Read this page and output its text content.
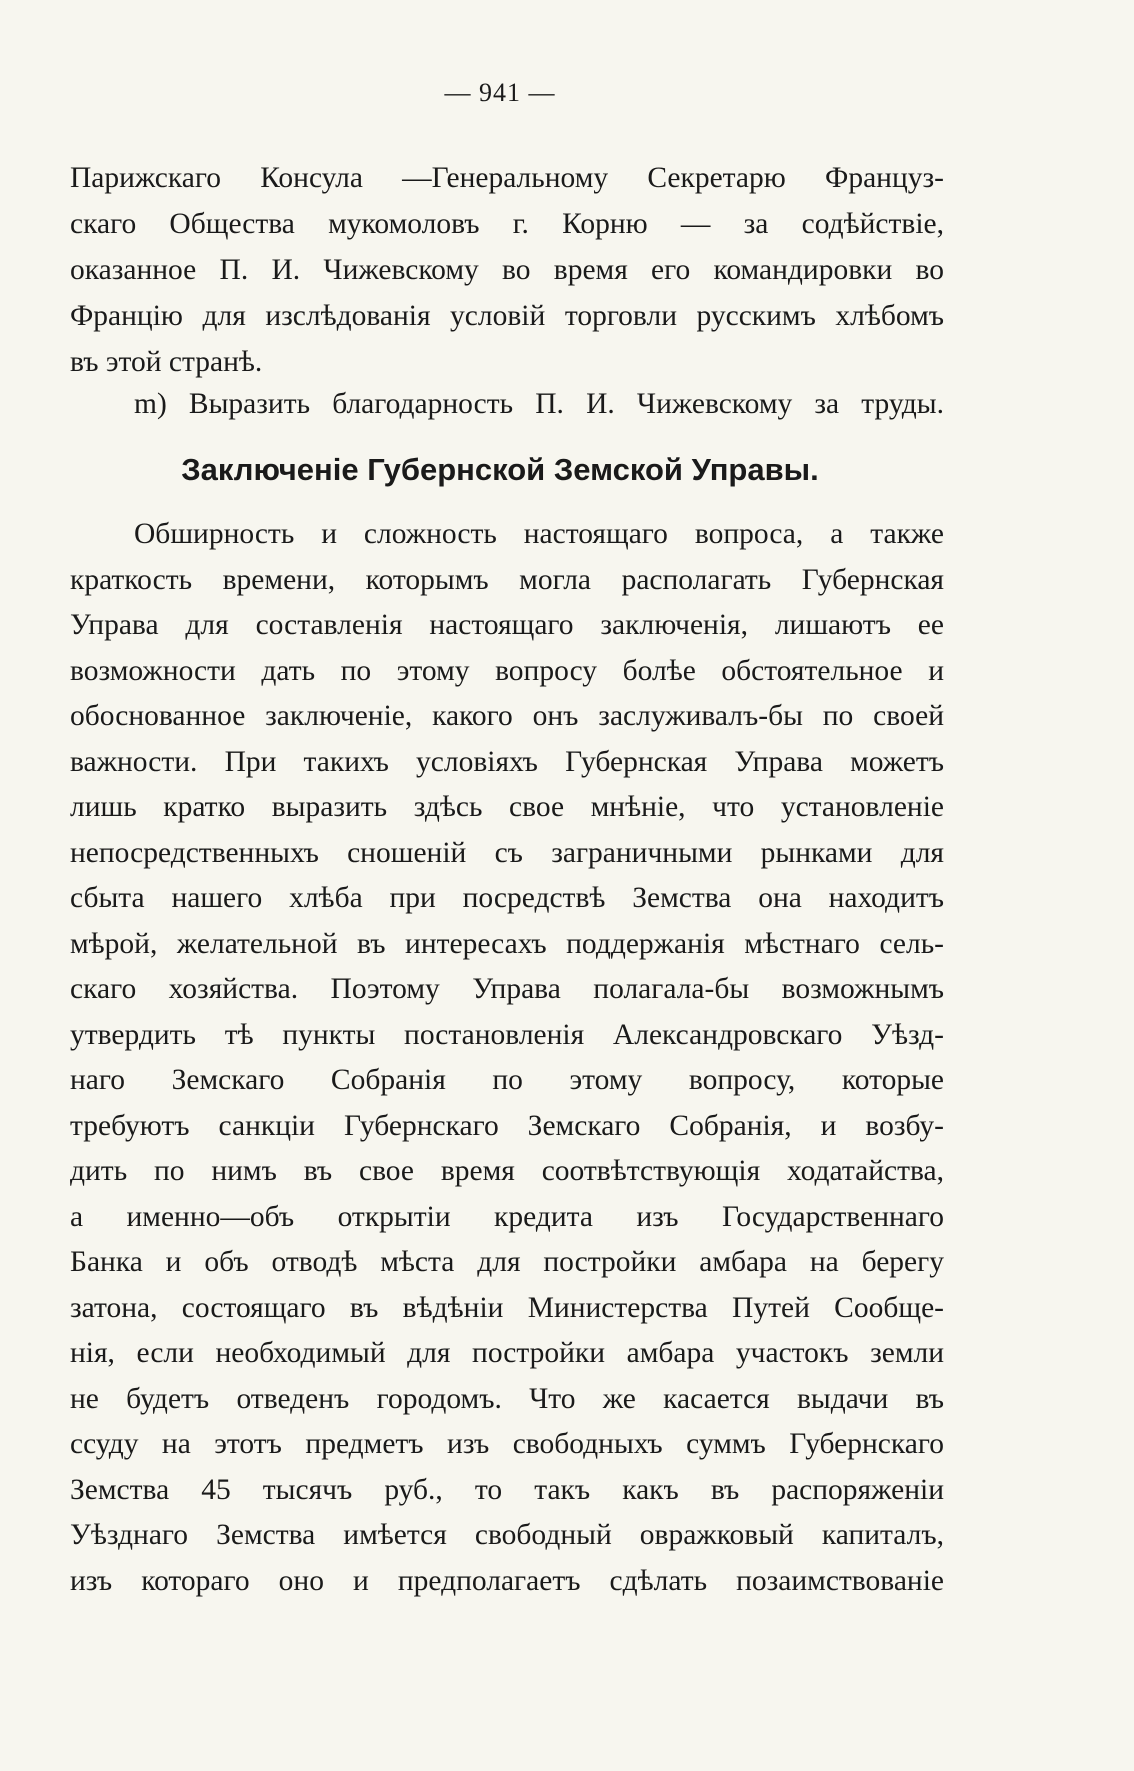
— 941 —
Парижскаго Консула —Генеральному Секретарю Француз-
скаго Общества мукомоловъ г. Корню — за содѣйствіе,
оказанное П. И. Чижевскому во время его командировки во
Францію для изслѣдованія условій торговли русскимъ хлѣбомъ
въ этой странѣ.
m) Выразить благодарность П. И. Чижевскому за труды.
Заключеніе Губернской Земской Управы.
Обширность и сложность настоящаго вопроса, а также
краткость времени, которымъ могла располагать Губернская
Управа для составленія настоящаго заключенія, лишаютъ ее
возможности дать по этому вопросу болѣе обстоятельное и
обоснованное заключеніе, какого онъ заслуживалъ-бы по своей
важности. При такихъ условіяхъ Губернская Управа можетъ
лишь кратко выразить здѣсь свое мнѣніе, что установленіе
непосредственныхъ сношеній съ заграничными рынками для
сбыта нашего хлѣба при посредствѣ Земства она находитъ
мѣрой, желательной въ интересахъ поддержанія мѣстнаго сель-
скаго хозяйства. Поэтому Управа полагала-бы возможнымъ
утвердить тѣ пункты постановленія Александровскаго Уѣзд-
наго Земскаго Собранія по этому вопросу, которые
требуютъ санкціи Губернскаго Земскаго Собранія, и возбу-
дить по нимъ въ свое время соотвѣтствующія ходатайства,
а именно—объ открытіи кредита изъ Государственнаго
Банка и объ отводѣ мѣста для постройки амбара на берегу
затона, состоящаго въ вѣдѣніи Министерства Путей Сообще-
нія, если необходимый для постройки амбара участокъ земли
не будетъ отведенъ городомъ. Что же касается выдачи въ
ссуду на этотъ предметъ изъ свободныхъ суммъ Губернскаго
Земства 45 тысячъ руб., то такъ какъ въ распоряженіи
Уѣзднаго Земства имѣется свободный овражковый капиталъ,
изъ котораго оно и предполагаетъ сдѣлать позаимствованіе
